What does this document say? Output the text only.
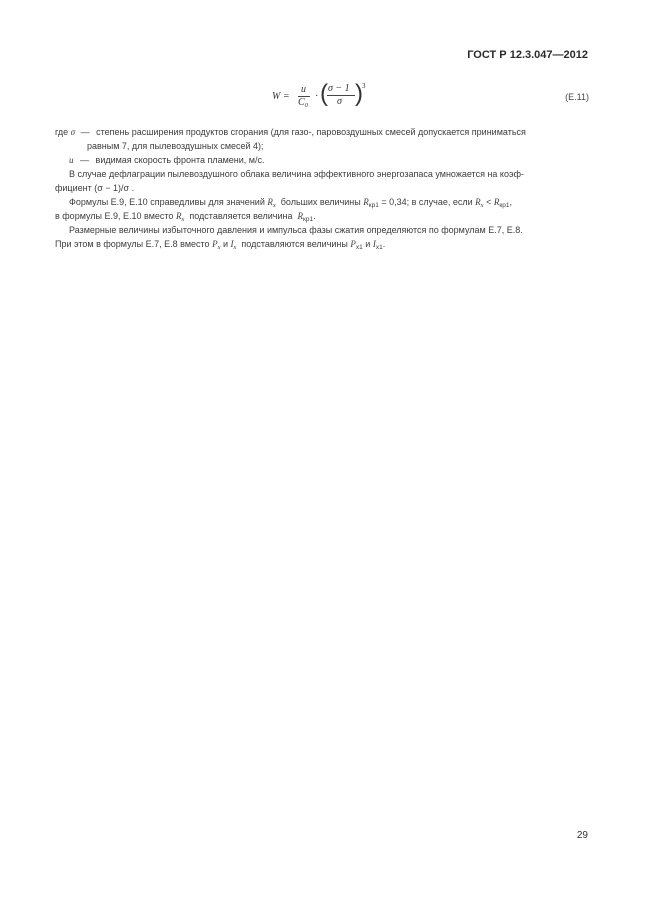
ГОСТ Р 12.3.047—2012
W =
u
$C_0$
· ( σ − 1
σ ) 3
(Е.11)
где σ — степень расширения продуктов сгорания (для газо-, паровоздушных смесей допускается приниматься
равным 7, для пылевоздушных смесей 4);
u — видимая скорость фронта пламени, м/с.
В случае дефлаграции пылевоздушного облака величина эффективного энергозапаса умножается на коэф-
фициент (σ − 1)/σ .
Формулы Е.9, Е.10 справедливы для значений $R_x$ больших величины $R_{кр1} = 0,34$; в случае, если $R_x < R_{кр1}$,
в формулы Е.9, Е.10 вместо $R_x$ подставляется величина $R_{кр1}$.
Размерные величины избыточного давления и импульса фазы сжатия определяются по формулам Е.7, Е.8.
При этом в формулы Е.7, Е.8 вместо $P_x$ и $I_x$ подставляются величины $P_{x1}$ и $I_{x1}$.
29
